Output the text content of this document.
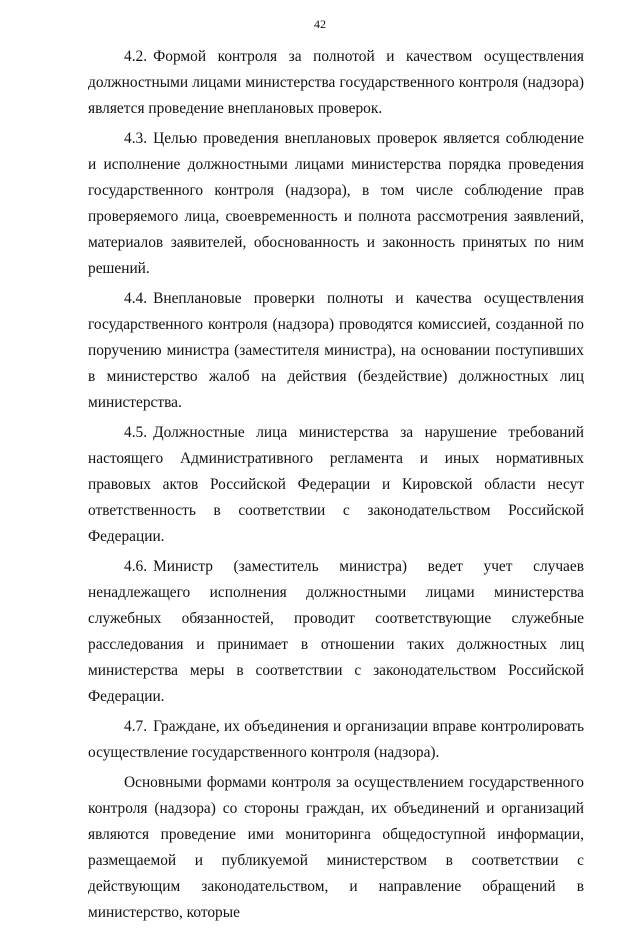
42

4.2. Формой контроля за полнотой и качеством осуществления должностными лицами министерства государственного контроля (надзора) является проведение внеплановых проверок.

4.3. Целью проведения внеплановых проверок является соблюдение и исполнение должностными лицами министерства порядка проведения государственного контроля (надзора), в том числе соблюдение прав проверяемого лица, своевременность и полнота рассмотрения заявлений, материалов заявителей, обоснованность и законность принятых по ним решений.

4.4. Внеплановые проверки полноты и качества осуществления государственного контроля (надзора) проводятся комиссией, созданной по поручению министра (заместителя министра), на основании поступивших в министерство жалоб на действия (бездействие) должностных лиц министерства.

4.5. Должностные лица министерства за нарушение требований настоящего Административного регламента и иных нормативных правовых актов Российской Федерации и Кировской области несут ответственность в соответствии с законодательством Российской Федерации.

4.6. Министр (заместитель министра) ведет учет случаев ненадлежащего исполнения должностными лицами министерства служебных обязанностей, проводит соответствующие служебные расследования и принимает в отношении таких должностных лиц министерства меры в соответствии с законодательством Российской Федерации.

4.7. Граждане, их объединения и организации вправе контролировать осуществление государственного контроля (надзора).

Основными формами контроля за осуществлением государственного контроля (надзора) со стороны граждан, их объединений и организаций являются проведение ими мониторинга общедоступной информации, размещаемой и публикуемой министерством в соответствии с действующим законодательством, и направление обращений в министерство, которые
